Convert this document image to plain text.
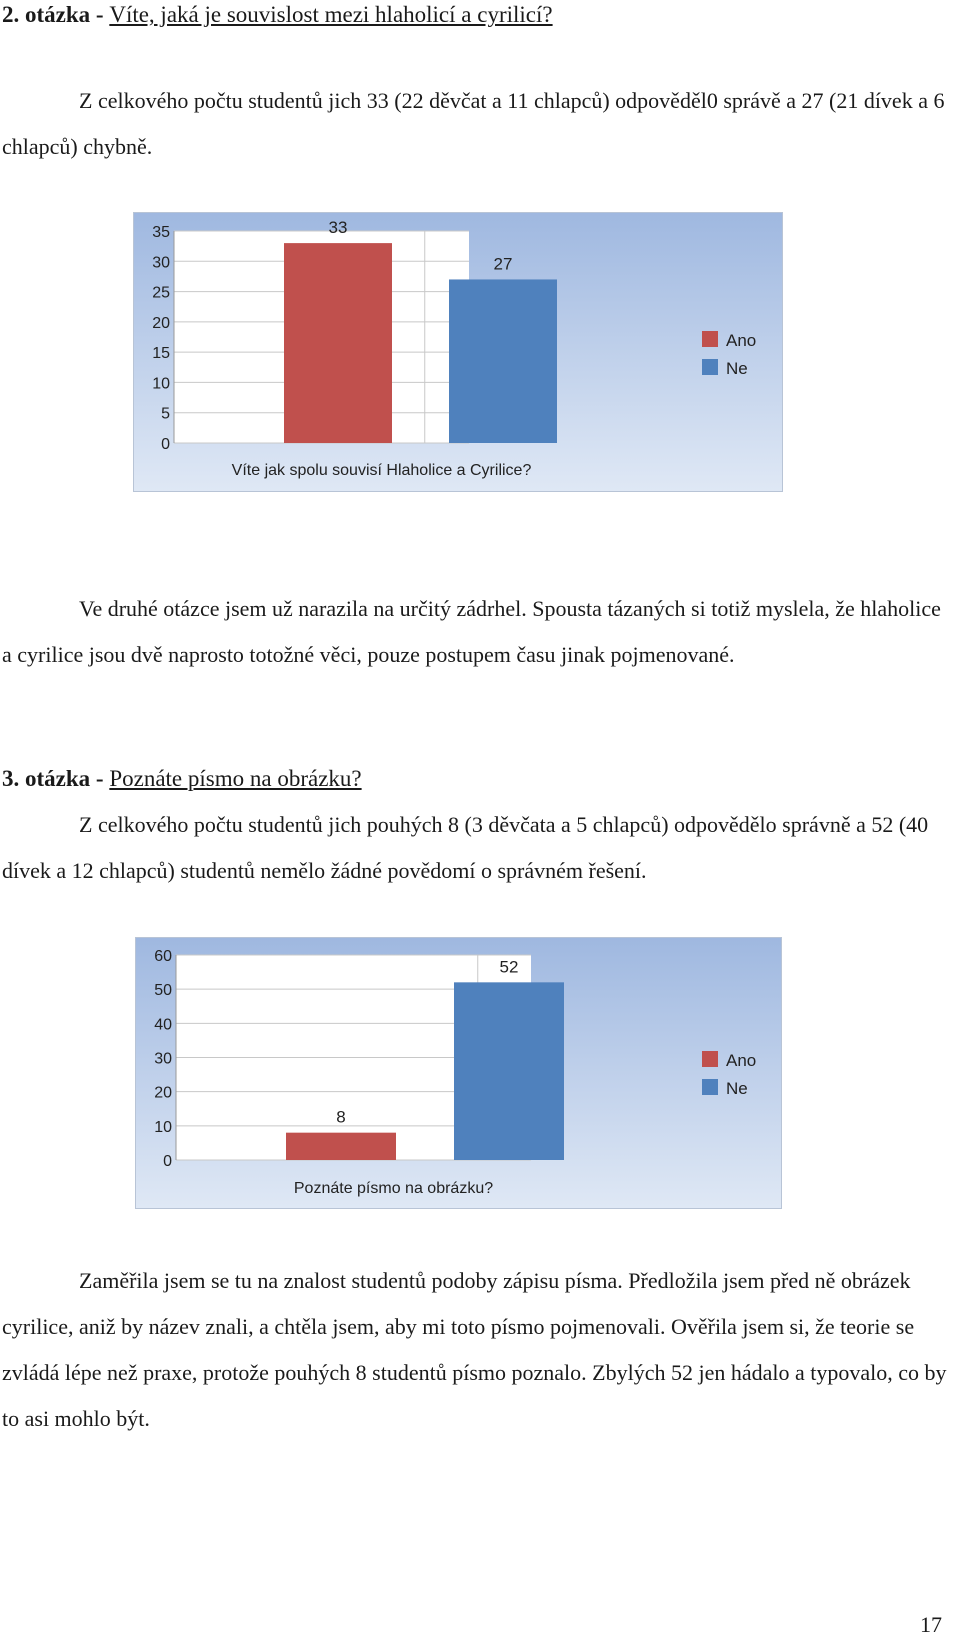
2. otázka - Víte, jaká je souvislost mezi hlaholicí a cyrilicí?
Z celkového počtu studentů jich 33 (22 děvčat a 11 chlapců) odpověděl0 správě a 27 (21 dívek a 6 chlapců) chybně.
0
5
10
15
20
25
30
35	33
27
Víte jak spolu souvisí Hlaholice a Cyrilice?
Ano
Ne
Ve druhé otázce jsem už narazila na určitý zádrhel. Spousta tázaných si totiž myslela, že hlaholice a cyrilice jsou dvě naprosto totožné věci, pouze postupem času jinak pojmenované.
3. otázka - Poznáte písmo na obrázku?
Z celkového počtu studentů jich pouhých 8 (3 děvčata a 5 chlapců) odpovědělo správně a 52 (40 dívek a 12 chlapců) studentů nemělo žádné povědomí o správném řešení.
0
10
20
30
40
50
60
8
52
Poznáte písmo na obrázku?
Ano
Ne
Zaměřila jsem se tu na znalost studentů podoby zápisu písma. Předložila jsem před ně obrázek cyrilice, aniž by název znali, a chtěla jsem, aby mi toto písmo pojmenovali. Ověřila jsem si, že teorie se zvládá lépe než praxe, protože pouhých 8 studentů písmo poznalo. Zbylých 52 jen hádalo a typovalo, co by to asi mohlo být.
17
